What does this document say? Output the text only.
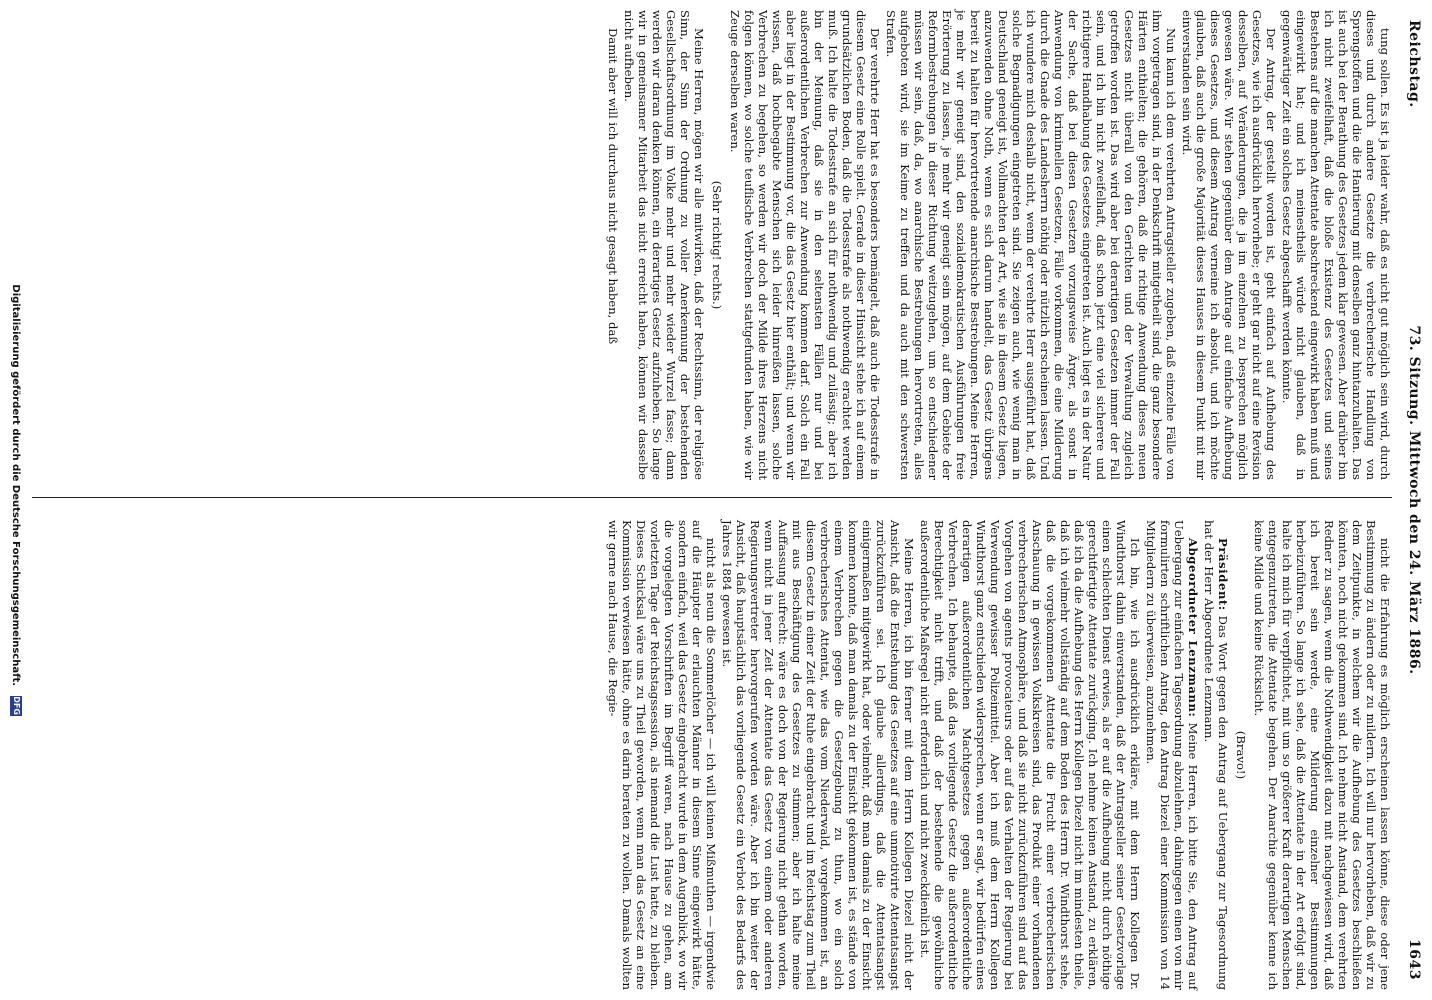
Reichstag.
73. Sitzung. Mittwoch den 24. März 1886.
1643

tung sollen. Es ist ja leider wahr, daß es nicht gut möglich sein wird, durch dieses und durch andere Gesetze die verbrecherische Handlung von Sprengstoffen und die die Hantierung mit denselben ganz hintanzuhalten. Das ist auch bei der Berathung des Gesetzes jedem klar gewesen. Aber darüber bin ich nicht zweifelhaft, daß die bloße Existenz des Gesetzes und seines Bestehens auf die manchen Attentate abschreckend eingewirkt haben muß und eingewirkt hat; und ich meinestheils würde nicht glauben, daß in gegenwärtiger Zeit ein solches Gesetz abgeschafft werden könnte.

Der Antrag, der gestellt worden ist, geht einfach auf Aufhebung des Gesetzes, wie ich ausdrücklich hervorhebe; er geht gar nicht auf eine Revision desselben, auf Veränderungen, die ja im einzelnen zu besprechen möglich gewesen wäre. Wir stehen gegenüber dem Antrage auf einfache Aufhebung dieses Gesetzes, und diesem Antrag verneine ich absolut, und ich möchte glauben, daß auch die große Majorität dieses Hauses in diesem Punkt mit mir einverstanden sein wird.

Nun kann ich dem verehrten Antragsteller zugeben, daß einzelne Fälle von ihm vorgetragen sind, in der Denkschrift mitgetheilt sind, die ganz besondere Härten enthielten; die gehören, daß die richtige Anwendung dieses neuen Gesetzes nicht überall von den Gerichten und der Verwaltung zugleich getroffen worden ist. Das wird aber bei derartigen Gesetzen immer der Fall sein, und ich bin nicht zweifelhaft, daß schon jetzt eine viel sicherere und richtigere Handhabung des Gesetzes eingetreten ist. Auch liegt es in der Natur der Sache, daß bei diesen Gesetzen vorzugsweise Ärger, als sonst in Anwendung von kriminellen Gesetzen, Fälle vorkommen, die eine Milderung durch die Gnade des Landesherrn nöthig oder nützlich erscheinen lassen. Und ich wundere mich deshalb nicht, wenn der verehrte Herr ausgeführt hat, daß solche Begnadigungen eingetreten sind. Sie zeigen auch, wie wenig man in Deutschland geneigt ist, Vollmachten der Art, wie sie in diesem Gesetz liegen, anzuwenden ohne Noth, wenn es sich darum handelt, das Gesetz übrigens bereit zu halten für hervortretende anarchische Bestrebungen. Meine Herren, je mehr wir geneigt sind, den sozialdemokratischen Ausführungen freie Erörterung zu lassen, je mehr wir geneigt sein mögen, auf dem Gebiete der Reformbestrebungen in dieser Richtung weitzugehen, um so entschiedener müssen wir sein, daß, da, wo anarchische Bestrebungen hervortreten, alles aufgeboten wird, sie im Keime zu treffen und da auch mit den schwersten Strafen.

Der verehrte Herr hat es besonders bemängelt, daß auch die Todesstrafe in diesem Gesetz eine Rolle spielt. Gerade in dieser Hinsicht stehe ich auf einem grundsätzlichen Boden, daß die Todesstrafe als nothwendig erachtet werden muß. Ich halte die Todesstrafe an sich für nothwendig und zulässig; aber ich bin der Meinung, daß sie in den seltensten Fällen nur und bei außerordentlichen Verbrechen zur Anwendung kommen darf. Solch ein Fall aber liegt in der Bestimmung vor, die das Gesetz hier enthält; und wenn wir wissen, daß hochbegabte Menschen sich leider hinreißen lassen, solche Verbrechen zu begehen, so werden wir doch der Milde ihres Herzens nicht folgen können, wo solche teuflische Verbrechen stattgefunden haben, wie wir Zeuge derselben waren.

(Sehr richtig! rechts.)

Meine Herren, mögen wir alle mitwirken, daß der Rechtssinn, der religiöse Sinn, der Sinn der Ordnung zu voller Anerkennung der bestehenden Gesellschaftsordnung im Volke mehr und mehr wieder Wurzel fasse; dann werden wir daran denken können, ein derartiges Gesetz aufzuheben. So lange wir in gemeinsamer Mitarbeit das nicht erreicht haben, können wir dasselbe nicht aufheben.

Damit aber will ich durchaus nicht gesagt haben, daß

nicht die Erfahrung es möglich erscheinen lassen könne, diese oder jene Bestimmung zu ändern oder zu mildern. Ich will nur hervorheben, daß wir zu dem Zeitpunkte, in welchem wir die Aufhebung des Gesetzes beschließen könnten, noch nicht gekommen sind. Ich nehme nicht Anstand, dem verehrten Redner zu sagen, wenn die Nothwendigkeit dazu mit nachgewiesen wird, daß ich bereit sein werde, eine Milderung einzelner Bestimmungen herbeizuführen. So lange ich sehe, daß die Attentate in der Art erfolgt sind, halte ich mich für verpflichtet, mit um so größerer Kraft derartigen Menschen entgegenzutreten, die Attentate begehen. Der Anarchie gegenüber kenne ich keine Milde und keine Rücksicht.

(Bravo!)

Präsident: Das Wort gegen den Antrag auf Uebergang zur Tagesordnung hat der Herr Abgeordnete Lenzmann.

Abgeordneter Lenzmann: Meine Herren, ich bitte Sie, den Antrag auf Uebergang zur einfachen Tagesordnung abzulehnen, dahingegen einen von mir formulirten schriftlichen Antrag, den Antrag Diezel einer Kommission von 14 Mitgliedern zu überweisen, anzunehmen.

Ich bin, wie ich ausdrücklich erkläre, mit dem Herrn Kollegen Dr. Windthorst dahin einverstanden, daß der Antragsteller seiner Gesetzvorlage einen schlechten Dienst erwies, als er auf die Aufhebung nicht durch nöthige gerechtfertigte Attentate zurückging. Ich nehme keinen Anstand, zu erklären, daß ich da die Aufhebung des Herrn Kollegen Diezel nicht im mindesten theile, daß ich vielmehr vollständig auf dem Boden des Herrn Dr. Windthorst stehe, daß die vorgekommenen Attentate die Frucht einer verbrecherischen Anschauung in gewissen Volkskreisen sind, das Produkt einer vorhandenen verbrecherischen Atmosphäre, und daß sie nicht zurückzuführen sind auf das Vorgehen von agents provocateurs oder auf das Verhalten der Regierung bei Verwendung gewisser Polizeimittel. Aber ich muß dem Herrn Kollegen Windthorst ganz entschieden widersprechen, wenn er sagt, wir bedürfen eines derartigen außerordentlichen Machtgesetzes gegen außerordentliche Verbrechen. Ich behaupte, daß das vorliegende Gesetz die außerordentliche Berechtigkeit nicht trifft, und daß der bestehende die gewöhnliche außerordentliche Maßregel nicht erforderlich und nicht zweckdienlich ist.

Meine Herren, ich bin ferner mit dem Herrn Kollegen Diezel nicht der Ansicht, daß die Entstehung des Gesetzes auf eine unmotivirte Attentatsangst zurückzuführen sei. Ich glaube allerdings, daß die Attentatsangst einigermaßen mitgewirkt hat, oder vielmehr, daß man damals zu der Einsicht kommen konnte, daß man damals zu der Einsicht gekommen ist, es stände von einem Verbrechen gegen die Gesetzgebung zu thun, wo ein solch verbrecherisches Attentat, wie das vom Niederwald, vorgekommen ist, an diesem Gesetz in einer Zeit der Ruhe eingebracht und im Reichstag zum Theil mit aus Beschäftigung des Gesetzes zu stimmen; aber ich halte meine Auffassung aufrecht: wäre es doch von der Regierung nicht gethan worden, wenn nicht in jener Zeit der Attentate das Gesetz von einem oder anderen Regierungsvertreter hervorgerufen worden wäre. Aber ich bin weiter der Ansicht, daß hauptsächlich das vorliegende Gesetz ein Verbot des Bedarfs des Jahres 1884 gewesen ist.

nicht als neun die Sommerlöcher — ich will keinen Mißmuthen — irgendwie auf die Häupter der erlauchten Männer in diesem Sinne eingewirkt hätte, sondern einfach, weil das Gesetz eingebracht wurde in dem Augenblick, wo wir die vorgelegten Vorschriften im Begriff waren, nach Hause zu gehen, am vorletzten Tage der Reichstagssession, als niemand die Lust hatte, zu bleiben. Dieses Schicksal wäre uns zu Theil geworden, wenn man das Gesetz an eine Kommission verwiesen hätte, ohne es darin beraten zu wollen. Damals wollten wir gerne nach Hause, die Regie-

Digitalisierung gefördert durch die Deutsche Forschungsgemeinschaft. DFG
